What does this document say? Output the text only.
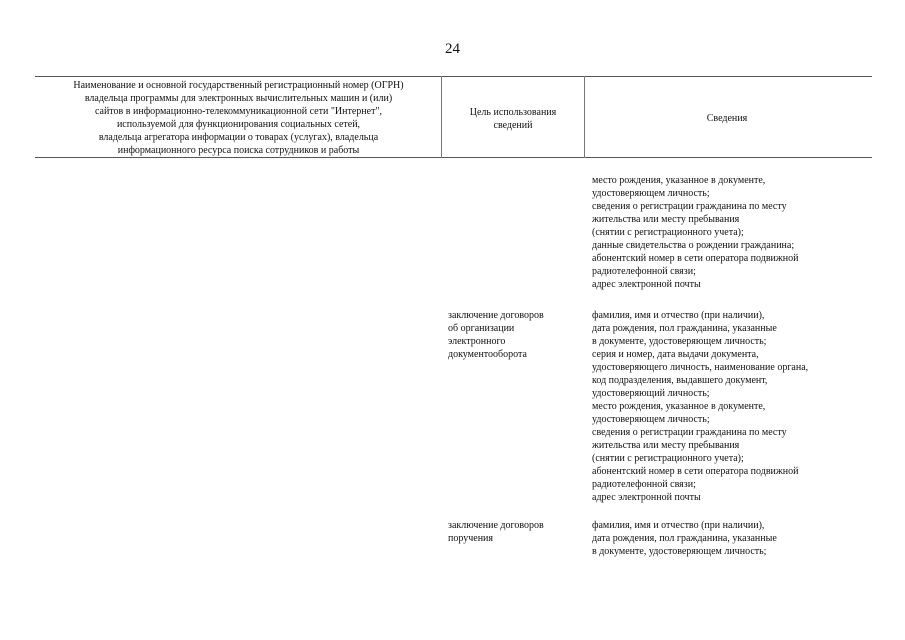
24
Наименование и основной государственный регистрационный номер (ОГРН)
владельца программы для электронных вычислительных машин и (или)
сайтов в информационно-телекоммуникационной сети "Интернет",
используемой для функционирования социальных сетей,
владельца агрегатора информации о товарах (услугах), владельца
информационного ресурса поиска сотрудников и работы
Цель использования
сведений
Сведения
место рождения, указанное в документе,
удостоверяющем личность;
сведения о регистрации гражданина по месту
жительства или месту пребывания
(снятии с регистрационного учета);
данные свидетельства о рождении гражданина;
абонентский номер в сети оператора подвижной
радиотелефонной связи;
адрес электронной почты
заключение договоров
об организации
электронного
документооборота
фамилия, имя и отчество (при наличии),
дата рождения, пол гражданина, указанные
в документе, удостоверяющем личность;
серия и номер, дата выдачи документа,
удостоверяющего личность, наименование органа,
код подразделения, выдавшего документ,
удостоверяющий личность;
место рождения, указанное в документе,
удостоверяющем личность;
сведения о регистрации гражданина по месту
жительства или месту пребывания
(снятии с регистрационного учета);
абонентский номер в сети оператора подвижной
радиотелефонной связи;
адрес электронной почты
заключение договоров
поручения
фамилия, имя и отчество (при наличии),
дата рождения, пол гражданина, указанные
в документе, удостоверяющем личность;
